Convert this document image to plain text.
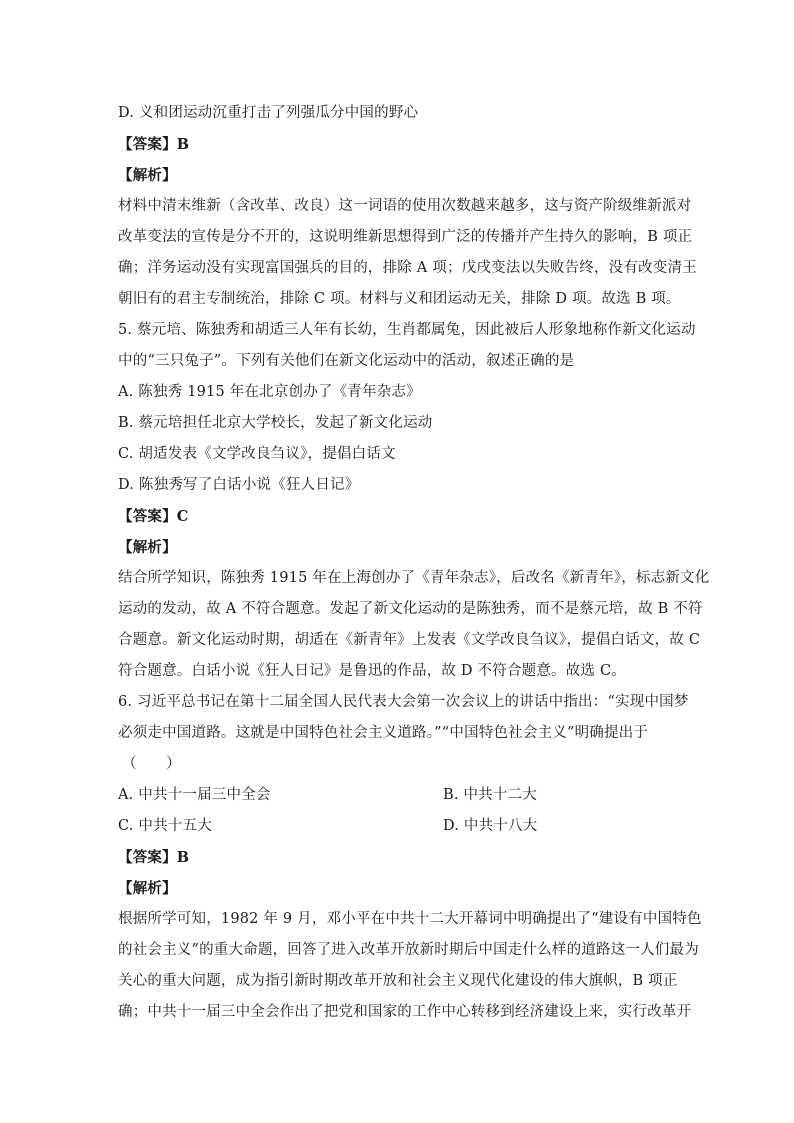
D. 义和团运动沉重打击了列强瓜分中国的野心
【答案】B
【解析】
材料中清末维新（含改革、改良）这一词语的使用次数越来越多，这与资产阶级维新派对
改革变法的宣传是分不开的，这说明维新思想得到广泛的传播并产生持久的影响，B 项正
确；洋务运动没有实现富国强兵的目的，排除 A 项；戊戌变法以失败告终，没有改变清王
朝旧有的君主专制统治，排除 C 项。材料与义和团运动无关，排除 D 项。故选 B 项。
5. 蔡元培、陈独秀和胡适三人年有长幼，生肖都属兔，因此被后人形象地称作新文化运动
中的“三只兔子”。下列有关他们在新文化运动中的活动，叙述正确的是
A. 陈独秀 1915 年在北京创办了《青年杂志》
B. 蔡元培担任北京大学校长，发起了新文化运动
C. 胡适发表《文学改良刍议》，提倡白话文
D. 陈独秀写了白话小说《狂人日记》
【答案】C
【解析】
结合所学知识，陈独秀 1915 年在上海创办了《青年杂志》，后改名《新青年》，标志新文化
运动的发动，故 A 不符合题意。发起了新文化运动的是陈独秀，而不是蔡元培，故 B 不符
合题意。新文化运动时期，胡适在《新青年》上发表《文学改良刍议》，提倡白话文，故 C
符合题意。白话小说《狂人日记》是鲁迅的作品，故 D 不符合题意。故选 C。
6. 习近平总书记在第十二届全国人民代表大会第一次会议上的讲话中指出：“实现中国梦
必须走中国道路。这就是中国特色社会主义道路。”“中国特色社会主义”明确提出于
（　　）
A. 中共十一届三中全会	B. 中共十二大
C. 中共十五大	D. 中共十八大
【答案】B
【解析】
根据所学可知，1982 年 9 月，邓小平在中共十二大开幕词中明确提出了“建设有中国特色
的社会主义”的重大命题，回答了进入改革开放新时期后中国走什么样的道路这一人们最为
关心的重大问题，成为指引新时期改革开放和社会主义现代化建设的伟大旗帜，B 项正
确；中共十一届三中全会作出了把党和国家的工作中心转移到经济建设上来，实行改革开
